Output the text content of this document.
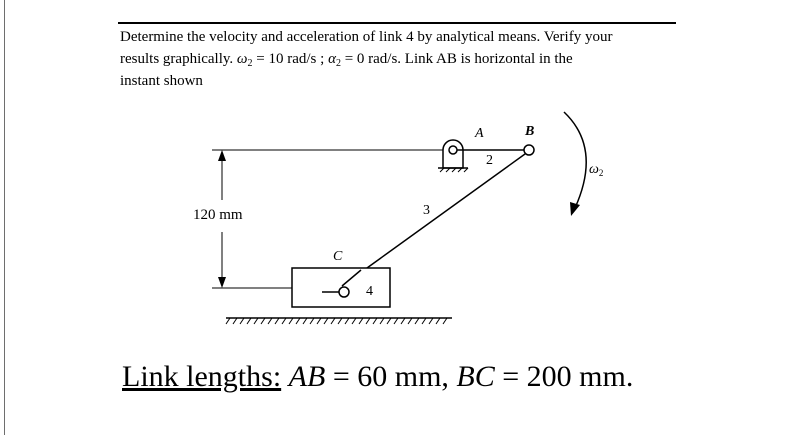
Determine the velocity and acceleration of link 4 by analytical means. Verify your
results graphically. $\omega_2 = 10$ rad/s ; $\alpha_2 = 0$ rad/s. Link AB is horizontal in the
instant shown

120 mm

A	B

2

3

C

4

$\omega_2$

Link lengths: AB = 60 mm, BC = 200 mm.
